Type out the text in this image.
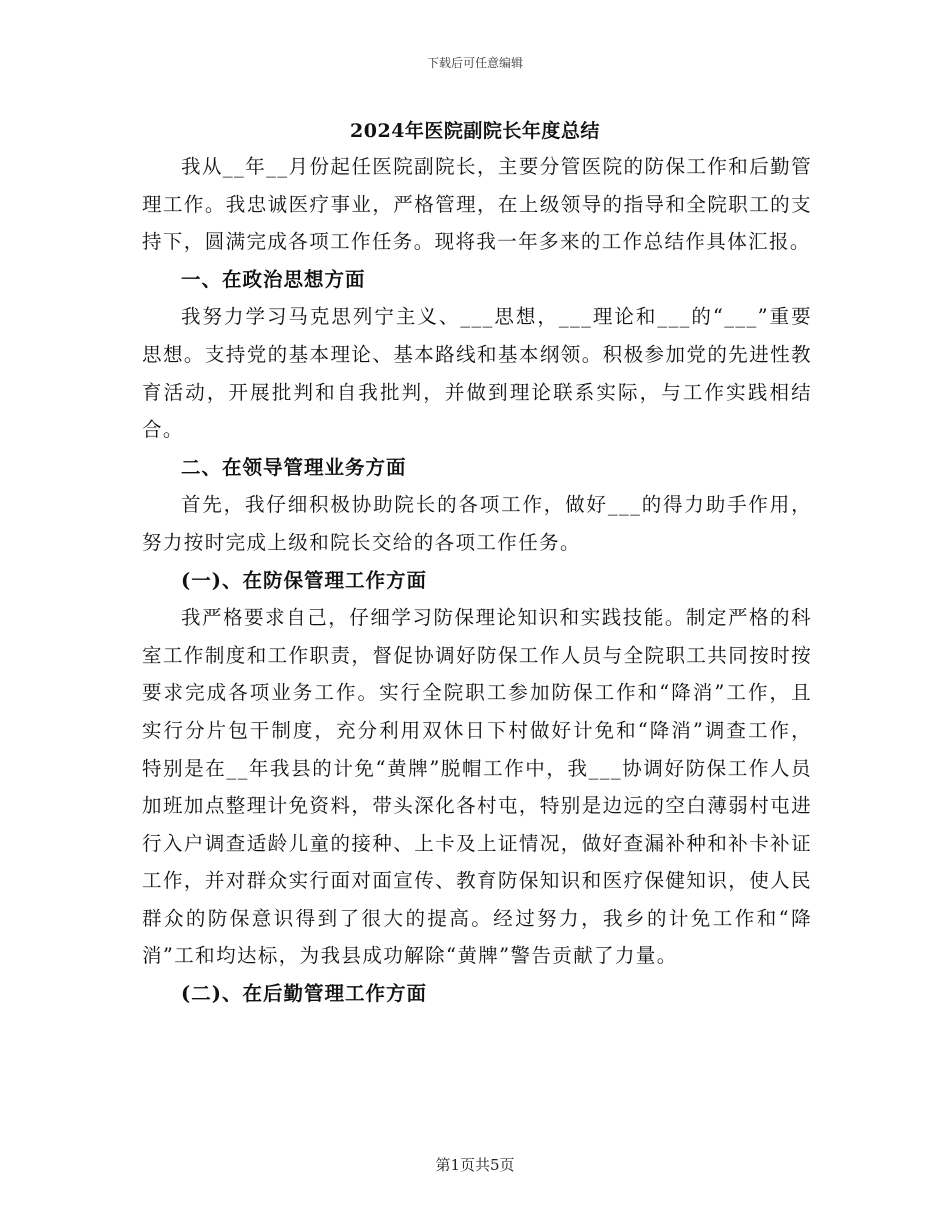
下载后可任意编辑
2024年医院副院长年度总结

我从__年__月份起任医院副院长，主要分管医院的防保工作和后勤管理工作。我忠诚医疗事业，严格管理，在上级领导的指导和全院职工的支持下，圆满完成各项工作任务。现将我一年多来的工作总结作具体汇报。

一、在政治思想方面

我努力学习马克思列宁主义、___思想，___理论和___的“___”重要思想。支持党的基本理论、基本路线和基本纲领。积极参加党的先进性教育活动，开展批判和自我批判，并做到理论联系实际，与工作实践相结合。

二、在领导管理业务方面

首先，我仔细积极协助院长的各项工作，做好___的得力助手作用，努力按时完成上级和院长交给的各项工作任务。

(一)、在防保管理工作方面

我严格要求自己，仔细学习防保理论知识和实践技能。制定严格的科室工作制度和工作职责，督促协调好防保工作人员与全院职工共同按时按要求完成各项业务工作。实行全院职工参加防保工作和“降消”工作，且实行分片包干制度，充分利用双休日下村做好计免和“降消”调查工作，特别是在__年我县的计免“黄牌”脱帽工作中，我___协调好防保工作人员加班加点整理计免资料，带头深化各村屯，特别是边远的空白薄弱村屯进行入户调查适龄儿童的接种、上卡及上证情况，做好查漏补种和补卡补证工作，并对群众实行面对面宣传、教育防保知识和医疗保健知识，使人民群众的防保意识得到了很大的提高。经过努力，我乡的计免工作和“降消”工和均达标，为我县成功解除“黄牌”警告贡献了力量。

(二)、在后勤管理工作方面

第1页共5页
